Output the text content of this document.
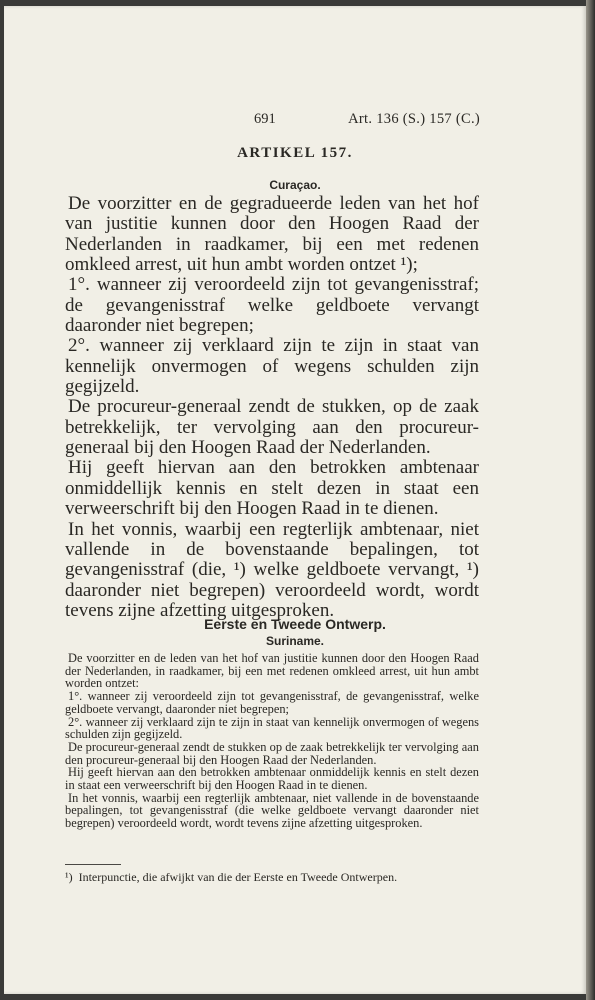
691	Art. 136 (S.) 157 (C.)
ARTIKEL 157.
Curaçao.

De voorzitter en de gegradueerde leden van het hof van justitie kunnen door den Hoogen Raad der Nederlanden in raadkamer, bij een met redenen omkleed arrest, uit hun ambt worden ontzet ¹);

1°. wanneer zij veroordeeld zijn tot gevangenisstraf; de gevangenisstraf welke geldboete vervangt daaronder niet begrepen;

2°. wanneer zij verklaard zijn te zijn in staat van kennelijk onvermogen of wegens schulden zijn gegijzeld.

De procureur-generaal zendt de stukken, op de zaak betrekkelijk, ter vervolging aan den procureur-generaal bij den Hoogen Raad der Nederlanden.

Hij geeft hiervan aan den betrokken ambtenaar onmiddellijk kennis en stelt dezen in staat een verweerschrift bij den Hoogen Raad in te dienen.

In het vonnis, waarbij een regterlijk ambtenaar, niet vallende in de bovenstaande bepalingen, tot gevangenisstraf (die, ¹) welke geldboete vervangt, ¹) daaronder niet begrepen) veroordeeld wordt, wordt tevens zijne afzetting uitgesproken.

Eerste en Tweede Ontwerp.
Suriname.

De voorzitter en de leden van het hof van justitie kunnen door den Hoogen Raad der Nederlanden, in raadkamer, bij een met redenen omkleed arrest, uit hun ambt worden ontzet:

1°. wanneer zij veroordeeld zijn tot gevangenisstraf, de gevangenisstraf, welke geldboete vervangt, daaronder niet begrepen;

2°. wanneer zij verklaard zijn te zijn in staat van kennelijk onvermogen of wegens schulden zijn gegijzeld.

De procureur-generaal zendt de stukken op de zaak betrekkelijk ter vervolging aan den procureur-generaal bij den Hoogen Raad der Nederlanden.

Hij geeft hiervan aan den betrokken ambtenaar onmiddelijk kennis en stelt dezen in staat een verweerschrift bij den Hoogen Raad in te dienen.

In het vonnis, waarbij een regterlijk ambtenaar, niet vallende in de bovenstaande bepalingen, tot gevangenisstraf (die welke geldboete vervangt daaronder niet begrepen) veroordeeld wordt, wordt tevens zijne afzetting uitgesproken.

¹) Interpunctie, die afwijkt van die der Eerste en Tweede Ontwerpen.
